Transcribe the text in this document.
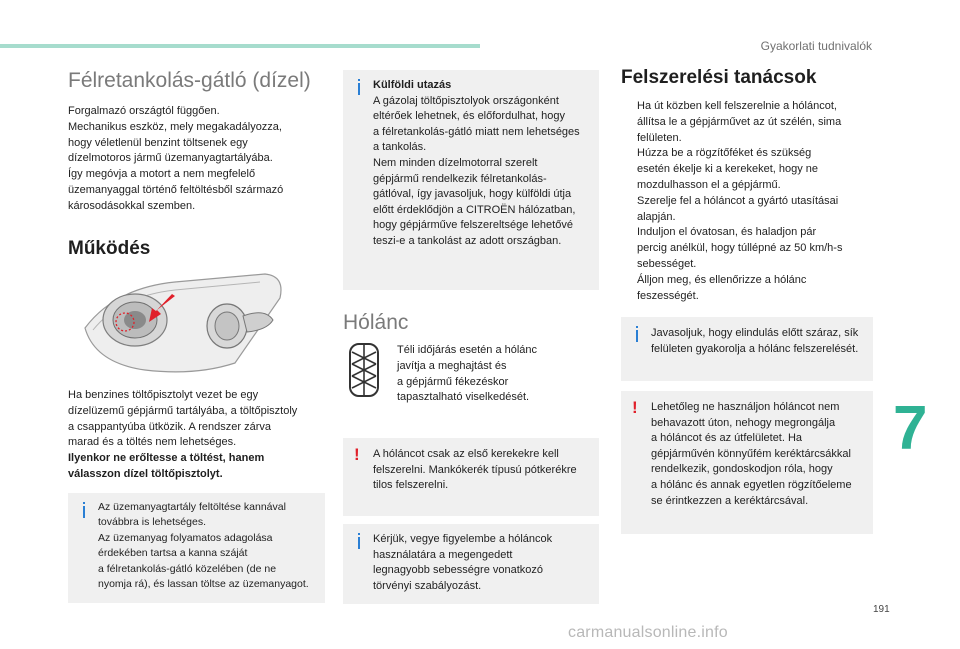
Gyakorlati tudnivalók
Félretankolás-gátló (dízel)
Forgalmazó országtól függően.
Mechanikus eszköz, mely megakadályozza,
hogy véletlenül benzint töltsenek egy
dízelmotoros jármű üzemanyagtartályába.
Így megóvja a motort a nem megfelelő
üzemanyaggal történő feltöltésből származó
károsodásokkal szemben.
Működés
Ha benzines töltőpisztolyt vezet be egy
dízelüzemű gépjármű tartályába, a töltőpisztoly
a csappantyúba ütközik. A rendszer zárva
marad és a töltés nem lehetséges.
Ilyenkor ne erőltesse a töltést, hanem
válasszon dízel töltőpisztolyt.
Az üzemanyagtartály feltöltése kannával
továbbra is lehetséges.
Az üzemanyag folyamatos adagolása
érdekében tartsa a kanna száját
a félretankolás-gátló közelében (de ne
nyomja rá), és lassan töltse az üzemanyagot.
Külföldi utazás
A gázolaj töltőpisztolyok országonként
eltérőek lehetnek, és előfordulhat, hogy
a félretankolás-gátló miatt nem lehetséges
a tankolás.
Nem minden dízelmotorral szerelt
gépjármű rendelkezik félretankolás-
gátlóval, így javasoljuk, hogy külföldi útja
előtt érdeklődjön a CITROËN hálózatban,
hogy gépjárműve felszereltsége lehetővé
teszi-e a tankolást az adott országban.
Hólánc
Téli időjárás esetén a hólánc
javítja a meghajtást és
a gépjármű fékezéskor
tapasztalható viselkedését.
!
A hóláncot csak az első kerekekre kell
felszerelni. Mankókerék típusú pótkerékre
tilos felszerelni.
Kérjük, vegye figyelembe a hóláncok
használatára a megengedett
legnagyobb sebességre vonatkozó
törvényi szabályozást.
Felszerelési tanácsok
Ha út közben kell felszerelnie a hóláncot,
állítsa le a gépjárművet az út szélén, sima
felületen.
Húzza be a rögzítőféket és szükség
esetén ékelje ki a kerekeket, hogy ne
mozdulhasson el a gépjármű.
Szerelje fel a hóláncot a gyártó utasításai
alapján.
Induljon el óvatosan, és haladjon pár
percig anélkül, hogy túllépné az 50 km/h-s
sebességet.
Álljon meg, és ellenőrizze a hólánc
feszességét.
Javasoljuk, hogy elindulás előtt száraz, sík
felületen gyakorolja a hólánc felszerelését.
!
Lehetőleg ne használjon hóláncot nem
behavazott úton, nehogy megrongálja
a hóláncot és az útfelületet. Ha
gépjárművén könnyűfém keréktárcsákkal
rendelkezik, gondoskodjon róla, hogy
a hólánc és annak egyetlen rögzítőeleme
se érintkezzen a keréktárcsával.
7
191
carmanualsonline.info
